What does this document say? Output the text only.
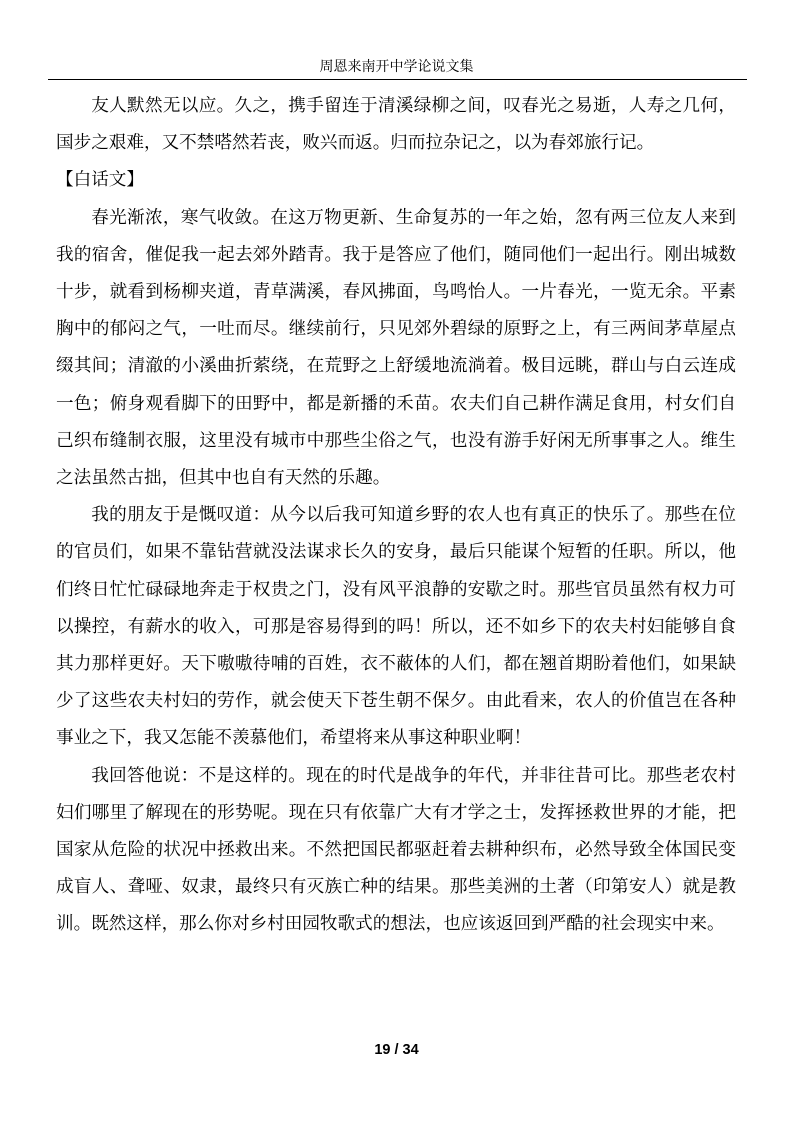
周恩来南开中学论说文集

友人默然无以应。久之，携手留连于清溪绿柳之间，叹春光之易逝，人寿之几何，国步之艰难，又不禁嗒然若丧，败兴而返。归而拉杂记之，以为春郊旅行记。

【白话文】

春光渐浓，寒气收敛。在这万物更新、生命复苏的一年之始，忽有两三位友人来到我的宿舍，催促我一起去郊外踏青。我于是答应了他们，随同他们一起出行。刚出城数十步，就看到杨柳夹道，青草满溪，春风拂面，鸟鸣怡人。一片春光，一览无余。平素胸中的郁闷之气，一吐而尽。继续前行，只见郊外碧绿的原野之上，有三两间茅草屋点缀其间；清澈的小溪曲折萦绕，在荒野之上舒缓地流淌着。极目远眺，群山与白云连成一色；俯身观看脚下的田野中，都是新播的禾苗。农夫们自己耕作满足食用，村女们自己织布缝制衣服，这里没有城市中那些尘俗之气，也没有游手好闲无所事事之人。维生之法虽然古拙，但其中也自有天然的乐趣。

我的朋友于是慨叹道：从今以后我可知道乡野的农人也有真正的快乐了。那些在位的官员们，如果不靠钻营就没法谋求长久的安身，最后只能谋个短暂的任职。所以，他们终日忙忙碌碌地奔走于权贵之门，没有风平浪静的安歇之时。那些官员虽然有权力可以操控，有薪水的收入，可那是容易得到的吗！所以，还不如乡下的农夫村妇能够自食其力那样更好。天下嗷嗷待哺的百姓，衣不蔽体的人们，都在翘首期盼着他们，如果缺少了这些农夫村妇的劳作，就会使天下苍生朝不保夕。由此看来，农人的价值岂在各种事业之下，我又怎能不羡慕他们，希望将来从事这种职业啊！

我回答他说：不是这样的。现在的时代是战争的年代，并非往昔可比。那些老农村妇们哪里了解现在的形势呢。现在只有依靠广大有才学之士，发挥拯救世界的才能，把国家从危险的状况中拯救出来。不然把国民都驱赶着去耕种织布，必然导致全体国民变成盲人、聋哑、奴隶，最终只有灭族亡种的结果。那些美洲的土著（印第安人）就是教训。既然这样，那么你对乡村田园牧歌式的想法，也应该返回到严酷的社会现实中来。

19 / 34
